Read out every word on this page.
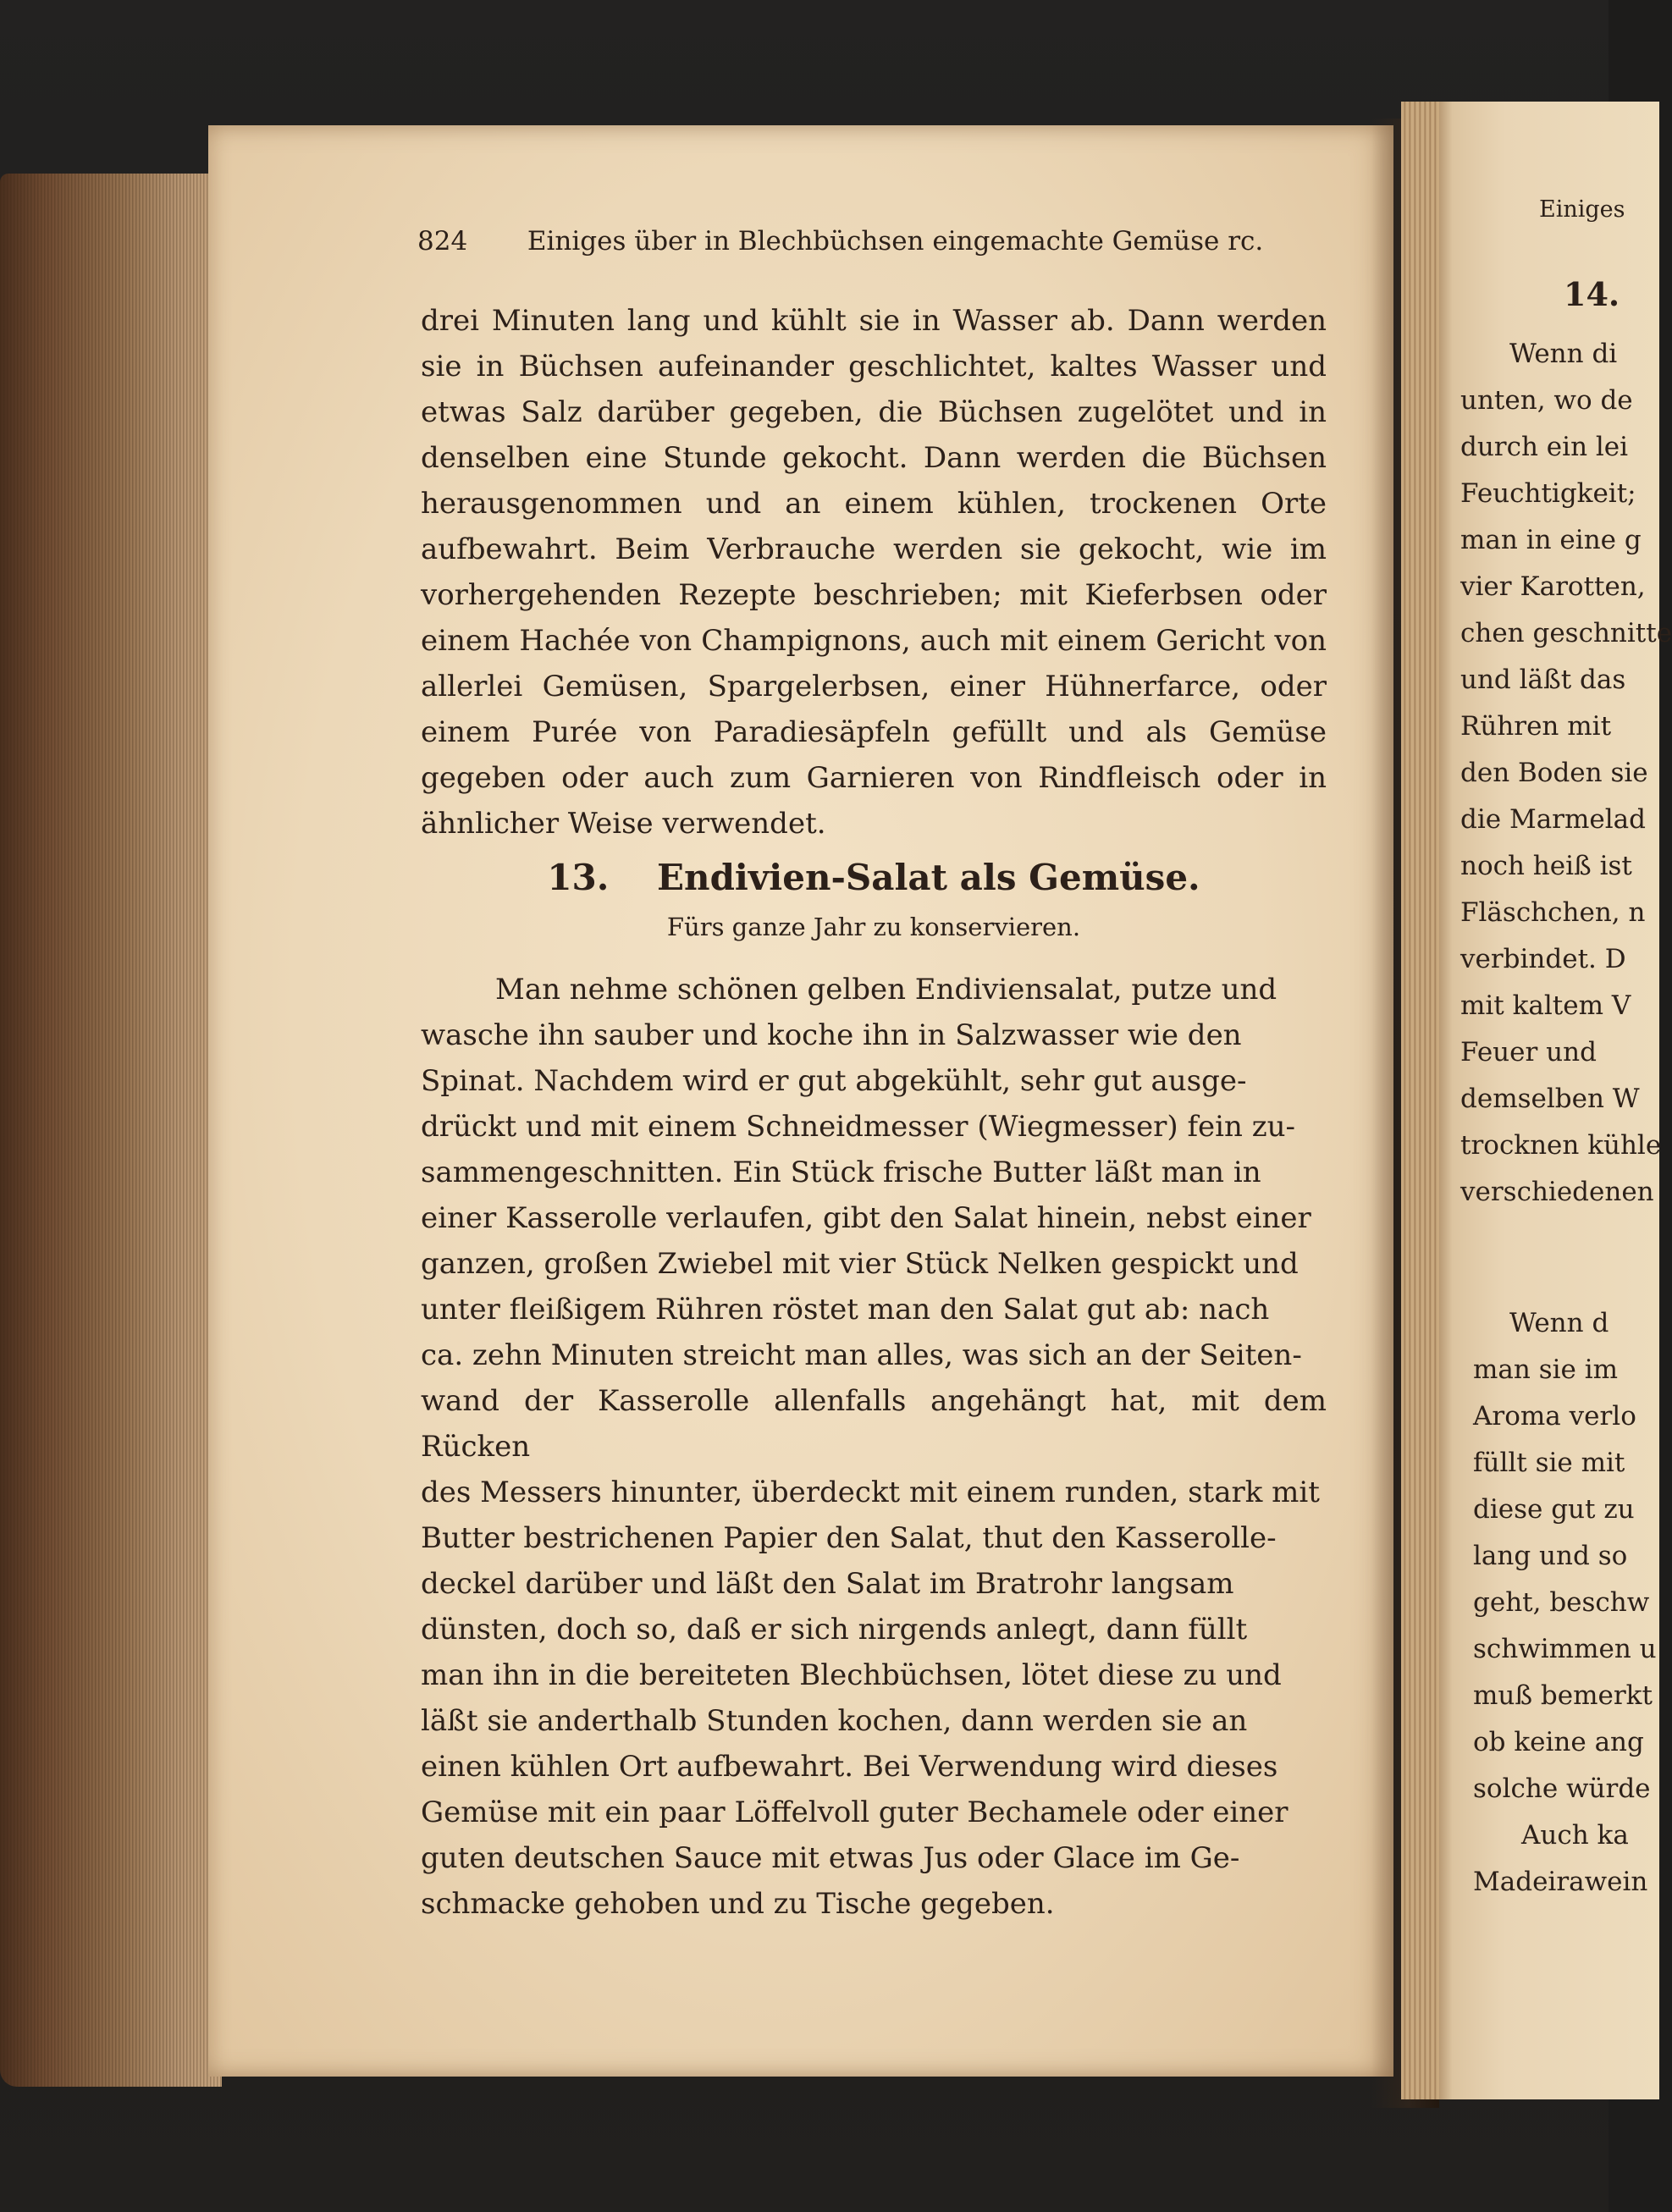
824 Einiges über in Blechbüchsen eingemachte Gemüse rc.

drei Minuten lang und kühlt sie in Wasser ab. Dann werden sie in Büchsen aufeinander geschlichtet, kaltes Wasser und etwas Salz darüber gegeben, die Büchsen zugelötet und in denselben eine Stunde gekocht. Dann werden die Büchsen herausgenommen und an einem kühlen, trockenen Orte aufbewahrt. Beim Verbrauche werden sie gekocht, wie im vorhergehenden Rezepte beschrieben; mit Kieferbsen oder einem Hachée von Champignons, auch mit einem Gericht von allerlei Gemüsen, Spargelerbsen, einer Hühnerfarce, oder einem Purée von Paradiesäpfeln gefüllt und als Gemüse gegeben oder auch zum Garnieren von Rindfleisch oder in ähnlicher Weise verwendet.

13. Endivien-Salat als Gemüse.
Fürs ganze Jahr zu konservieren.
Man nehme schönen gelben Endiviensalat, putze und
wasche ihn sauber und koche ihn in Salzwasser wie den
Spinat. Nachdem wird er gut abgekühlt, sehr gut ausge-
drückt und mit einem Schneidmesser (Wiegmesser) fein zu-
sammengeschnitten. Ein Stück frische Butter läßt man in
einer Kasserolle verlaufen, gibt den Salat hinein, nebst einer
ganzen, großen Zwiebel mit vier Stück Nelken gespickt und
unter fleißigem Rühren röstet man den Salat gut ab: nach
ca. zehn Minuten streicht man alles, was sich an der Seiten-
wand der Kasserolle allenfalls angehängt hat, mit dem Rücken
des Messers hinunter, überdeckt mit einem runden, stark mit
Butter bestrichenen Papier den Salat, thut den Kasserolle-
deckel darüber und läßt den Salat im Bratrohr langsam
dünsten, doch so, daß er sich nirgends anlegt, dann füllt
man ihn in die bereiteten Blechbüchsen, lötet diese zu und
läßt sie anderthalb Stunden kochen, dann werden sie an
einen kühlen Ort aufbewahrt. Bei Verwendung wird dieses
Gemüse mit ein paar Löffelvoll guter Bechamele oder einer
guten deutschen Sauce mit etwas Jus oder Glace im Ge-
schmacke gehoben und zu Tische gegeben.
Einiges
14.
Wenn di
unten, wo de
durch ein lei
Feuchtigkeit;
man in eine g
vier Karotten,
chen geschnitte
und läßt das
Rühren mit
den Boden sie
die Marmelad
noch heiß ist
Fläschchen, n
verbindet. D
mit kaltem V
Feuer und
demselben W
trocknen kühle
verschiedenen
Wenn d
man sie im
Aroma verlo
füllt sie mit
diese gut zu
lang und so
geht, beschw
schwimmen u
muß bemerkt
ob keine ang
solche würde
Auch ka
Madeirawein
